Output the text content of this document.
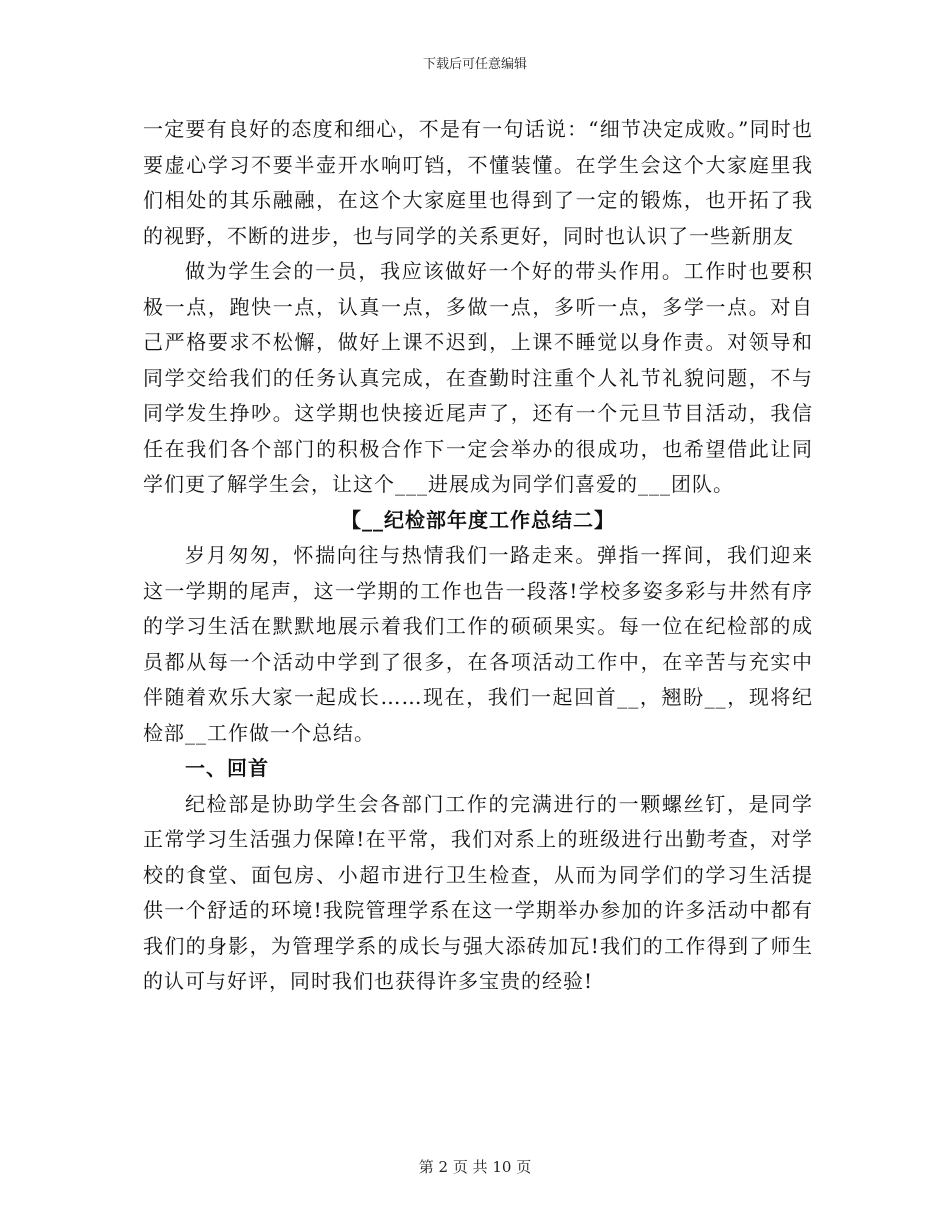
下载后可任意编辑

一定要有良好的态度和细心，不是有一句话说：“细节决定成败。”同时也要虚心学习不要半壶开水响叮铛，不懂装懂。在学生会这个大家庭里我们相处的其乐融融，在这个大家庭里也得到了一定的锻炼，也开拓了我的视野，不断的进步，也与同学的关系更好，同时也认识了一些新朋友

做为学生会的一员，我应该做好一个好的带头作用。工作时也要积极一点，跑快一点，认真一点，多做一点，多听一点，多学一点。对自己严格要求不松懈，做好上课不迟到，上课不睡觉以身作责。对领导和同学交给我们的任务认真完成，在查勤时注重个人礼节礼貌问题，不与同学发生挣吵。这学期也快接近尾声了，还有一个元旦节目活动，我信任在我们各个部门的积极合作下一定会举办的很成功，也希望借此让同学们更了解学生会，让这个___进展成为同学们喜爱的___团队。

【__纪检部年度工作总结二】

岁月匆匆，怀揣向往与热情我们一路走来。弹指一挥间，我们迎来这一学期的尾声，这一学期的工作也告一段落!学校多姿多彩与井然有序的学习生活在默默地展示着我们工作的硕硕果实。每一位在纪检部的成员都从每一个活动中学到了很多，在各项活动工作中，在辛苦与充实中伴随着欢乐大家一起成长……现在，我们一起回首__，翘盼__，现将纪检部__工作做一个总结。

一、回首

纪检部是协助学生会各部门工作的完满进行的一颗螺丝钉，是同学正常学习生活强力保障!在平常，我们对系上的班级进行出勤考查，对学校的食堂、面包房、小超市进行卫生检查，从而为同学们的学习生活提供一个舒适的环境!我院管理学系在这一学期举办参加的许多活动中都有我们的身影，为管理学系的成长与强大添砖加瓦!我们的工作得到了师生的认可与好评，同时我们也获得许多宝贵的经验!

第 2 页 共 10 页
